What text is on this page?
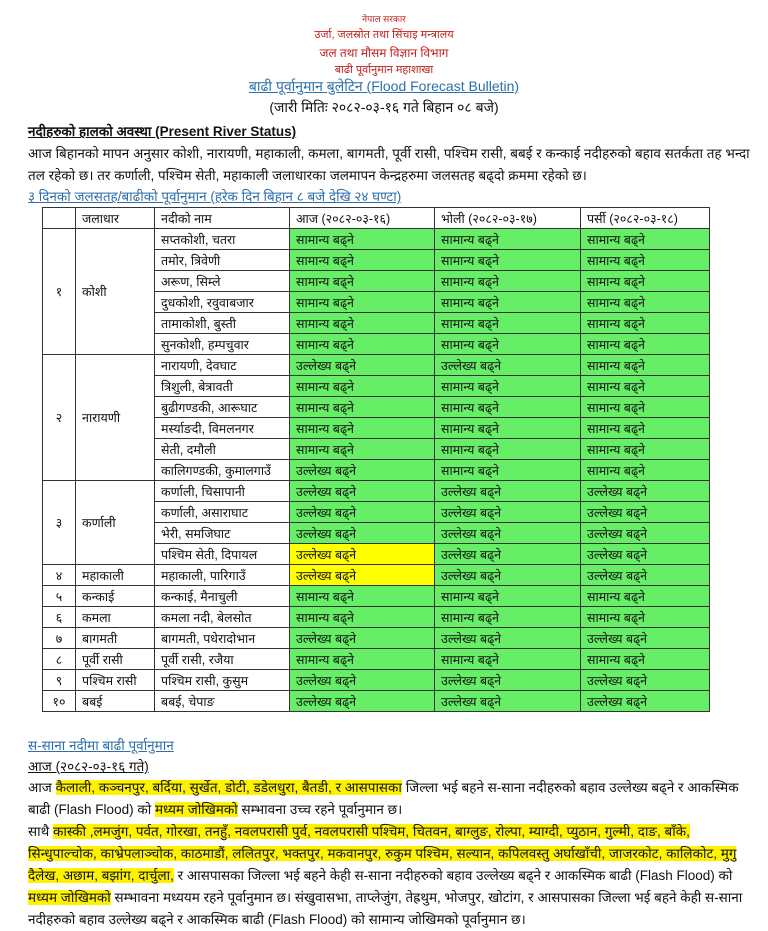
नेपाल सरकार
उर्जा, जलस्रोत तथा सिंचाइ मन्त्रालय
जल तथा मौसम विज्ञान विभाग
बाढी पूर्वानुमान महाशाखा
बाढी पूर्वानुमान बुलेटिन (Flood Forecast Bulletin)
(जारी मितिः २०८२-०३-१६ गते बिहान ०८ बजे)
नदीहरुको हालको अवस्था (Present River Status)
आज बिहानको मापन अनुसार कोशी, नारायणी, महाकाली, कमला, बागमती, पूर्वी रासी, पश्चिम रासी, बबई र कन्काई नदीहरुको बहाव सतर्कता तह भन्दा तल रहेको छ। तर कर्णाली, पश्चिम सेती, महाकाली जलाधारका जलमापन केन्द्रहरुमा जलसतह बढ्दो क्रममा रहेको छ।
३ दिनको जलसतह/बाढीको पूर्वानुमान (हरेक दिन बिहान ८ बजे देखि २४ घण्टा)
	जलाधार	नदीको नाम	आज (२०८२-०३-१६)	भोली (२०८२-०३-१७)	पर्सी (२०८२-०३-१८)
१	कोशी	सप्तकोशी, चतरा	सामान्य बढ्ने	सामान्य बढ्ने	सामान्य बढ्ने
		तमोर, त्रिवेणी	सामान्य बढ्ने	सामान्य बढ्ने	सामान्य बढ्ने
		अरूण, सिम्ले	सामान्य बढ्ने	सामान्य बढ्ने	सामान्य बढ्ने
		दुधकोशी, रवुवाबजार	सामान्य बढ्ने	सामान्य बढ्ने	सामान्य बढ्ने
		तामाकोशी, बुस्ती	सामान्य बढ्ने	सामान्य बढ्ने	सामान्य बढ्ने
		सुनकोशी, हम्पचुवार	सामान्य बढ्ने	सामान्य बढ्ने	सामान्य बढ्ने
२	नारायणी	नारायणी, देवघाट	उल्लेख्य बढ्ने	उल्लेख्य बढ्ने	सामान्य बढ्ने
		त्रिशुली, बेत्रावती	सामान्य बढ्ने	सामान्य बढ्ने	सामान्य बढ्ने
		बुढीगण्डकी, आरूघाट	सामान्य बढ्ने	सामान्य बढ्ने	सामान्य बढ्ने
		मर्स्याङदी, विमलनगर	सामान्य बढ्ने	सामान्य बढ्ने	सामान्य बढ्ने
		सेती, दमौली	सामान्य बढ्ने	सामान्य बढ्ने	सामान्य बढ्ने
		कालिगण्डकी, कुमालगाउँ	उल्लेख्य बढ्ने	सामान्य बढ्ने	सामान्य बढ्ने
३	कर्णाली	कर्णाली, चिसापानी	उल्लेख्य बढ्ने	उल्लेख्य बढ्ने	उल्लेख्य बढ्ने
		कर्णाली, असाराघाट	उल्लेख्य बढ्ने	उल्लेख्य बढ्ने	उल्लेख्य बढ्ने
		भेरी, समजिघाट	उल्लेख्य बढ्ने	उल्लेख्य बढ्ने	उल्लेख्य बढ्ने
		पश्चिम सेती, दिपायल	उल्लेख्य बढ्ने	उल्लेख्य बढ्ने	उल्लेख्य बढ्ने
४	महाकाली	महाकाली, पारिगाउँ	उल्लेख्य बढ्ने	उल्लेख्य बढ्ने	उल्लेख्य बढ्ने
५	कन्काई	कन्काई, मैनाचुली	सामान्य बढ्ने	सामान्य बढ्ने	सामान्य बढ्ने
६	कमला	कमला नदी, बेलसोत	सामान्य बढ्ने	सामान्य बढ्ने	सामान्य बढ्ने
७	बागमती	बागमती, पधेरादोभान	उल्लेख्य बढ्ने	उल्लेख्य बढ्ने	उल्लेख्य बढ्ने
८	पूर्वी रासी	पूर्वी रासी, रजैया	सामान्य बढ्ने	सामान्य बढ्ने	सामान्य बढ्ने
९	पश्चिम रासी	पश्चिम रासी, कुसुम	उल्लेख्य बढ्ने	उल्लेख्य बढ्ने	उल्लेख्य बढ्ने
१०	बबई	बबई, चेपाङ	उल्लेख्य बढ्ने	उल्लेख्य बढ्ने	उल्लेख्य बढ्ने
स-साना नदीमा बाढी पूर्वानुमान
आज (२०८२-०३-१६ गते)
आज कैलाली, कञ्चनपुर, बर्दिया, सुर्खेत, डोटी, डडेलधुरा, बैतडी, र आसपासका जिल्ला भई बहने स-साना नदीहरुको बहाव उल्लेख्य बढ्ने र आकस्मिक बाढी (Flash Flood) को मध्यम जोखिमको सम्भावना उच्च रहने पूर्वानुमान छ।
साथै कास्की ,लमजुंग, पर्वत, गोरखा, तनहुँ, नवलपरासी पुर्व, नवलपरासी पश्चिम, चितवन, बाग्लुङ, रोल्पा, म्याग्दी, प्युठान, गुल्मी, दाङ, बाँके, सिन्धुपाल्चोक, काभ्रेपलाञ्चोक, काठमाडौं, ललितपुर, भक्तपुर, मकवानपुर, रुकुम पश्चिम, सल्यान, कपिलवस्तु अर्घाखाँची, जाजरकोट, कालिकोट, मुगु दैलेख, अछाम, बझांग, दार्चुला, र आसपासका जिल्ला भई बहने केही स-साना नदीहरुको बहाव उल्लेख्य बढ्ने र आकस्मिक बाढी (Flash Flood) को मध्यम जोखिमको सम्भावना मध्ययम रहने पूर्वानुमान छ। संखुवासभा, ताप्लेजुंग, तेह्रथुम, भोजपुर, खोटांग, र आसपासका जिल्ला भई बहने केही स-साना नदीहरुको बहाव उल्लेख्य बढ्ने र आकस्मिक बाढी (Flash Flood) को सामान्य जोखिमको पूर्वानुमान छ।
